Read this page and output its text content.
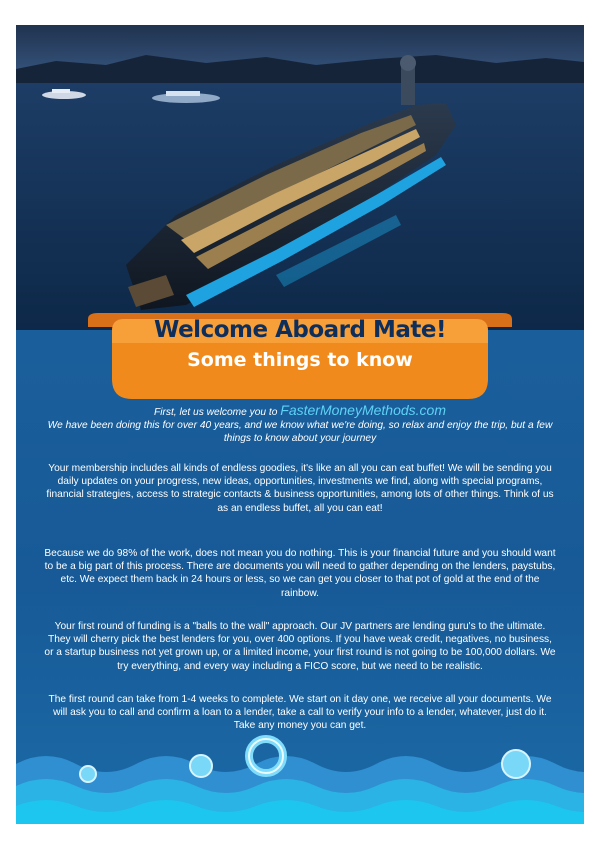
Welcome Aboard Mate!
Some things to know
First, let us welcome you to FasterMoneyMethods.com
We have been doing this for over 40 years, and we know what we're doing, so relax and enjoy the trip, but a few things to know about your journey
Your membership includes all kinds of endless goodies, it's like an all you can eat buffet! We will be sending you daily updates on your progress, new ideas, opportunities, investments we find, along with special programs, financial strategies, access to strategic contacts & business opportunities, among lots of other things. Think of us as an endless buffet, all you can eat!
Because we do 98% of the work, does not mean you do nothing. This is your financial future and you should want to be a big part of this process. There are documents you will need to gather depending on the lenders, paystubs, etc. We expect them back in 24 hours or less, so we can get you closer to that pot of gold at the end of the rainbow.
Your first round of funding is a "balls to the wall" approach. Our JV partners are lending guru's to the ultimate. They will cherry pick the best lenders for you, over 400 options. If you have weak credit, negatives, no business, or a startup business not yet grown up, or a limited income, your first round is not going to be 100,000 dollars. We try everything, and every way including a FICO score, but we need to be realistic.
The first round can take from 1-4 weeks to complete. We start on it day one, we receive all your documents. We will ask you to call and confirm a loan to a lender, take a call to verify your info to a lender, whatever, just do it. Take any money you can get.
